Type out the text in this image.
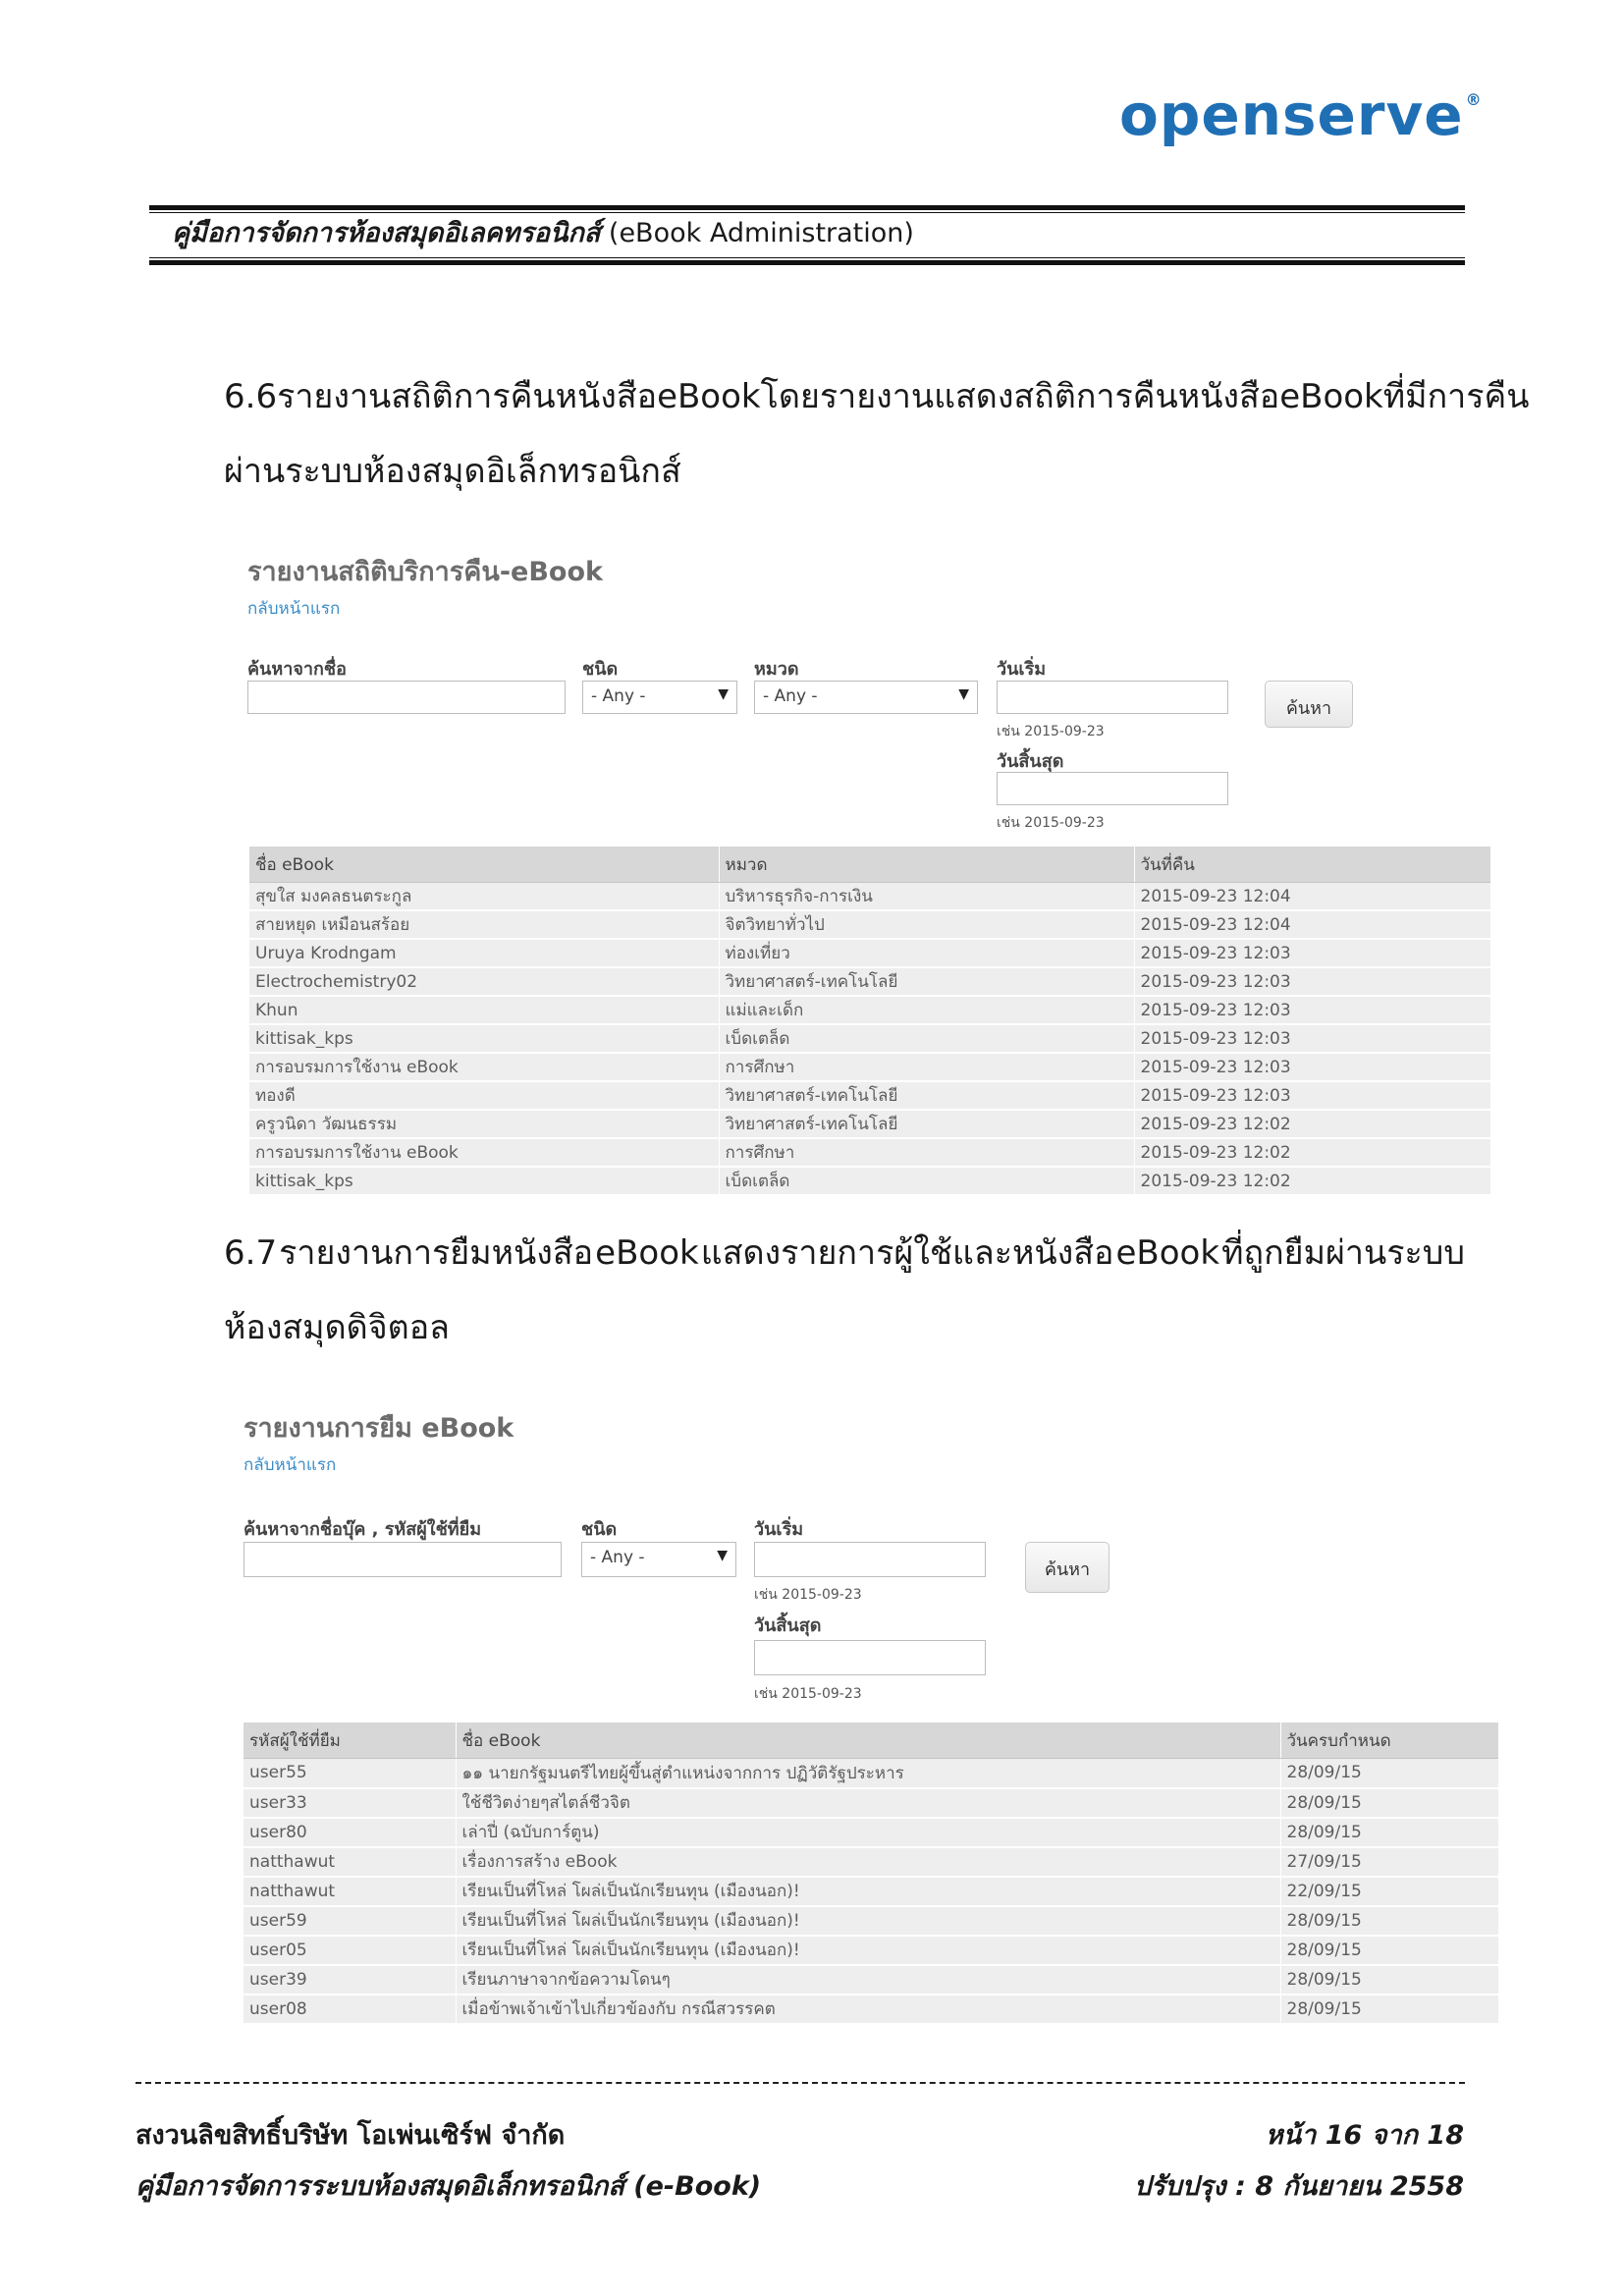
openserve ®
คู่มือการจัดการห้องสมุดอิเลคทรอนิกส์ (eBook Administration)
6.6 รายงานสถิติการคืนหนังสือ eBook โดยรายงานแสดงสถิติการคืนหนังสือ eBook ที่มีการคืน
ผ่านระบบห้องสมุดอิเล็กทรอนิกส์
รายงานสถิติบริการคืน-eBook
กลับหน้าแรก
ค้นหาจากชื่อ	ชนิด
- Any -	▼
หมวด
- Any -	▼
วันเริ่ม
เช่น 2015-09-23
วันสิ้นสุด
เช่น 2015-09-23
ค้นหา
ชื่อ eBook	หมวด	วันที่คืน
สุขใส มงคลธนตระกูล	บริหารธุรกิจ-การเงิน	2015-09-23 12:04
สายหยุด เหมือนสร้อย	จิตวิทยาทั่วไป	2015-09-23 12:04
Uruya Krodngam	ท่องเที่ยว	2015-09-23 12:03
Electrochemistry02	วิทยาศาสตร์-เทคโนโลยี	2015-09-23 12:03
Khun	แม่และเด็ก	2015-09-23 12:03
kittisak_kps	เบ็ดเตล็ด	2015-09-23 12:03
การอบรมการใช้งาน eBook	การศึกษา	2015-09-23 12:03
ทองดี	วิทยาศาสตร์-เทคโนโลยี	2015-09-23 12:03
ครูวนิดา วัฒนธรรม	วิทยาศาสตร์-เทคโนโลยี	2015-09-23 12:02
การอบรมการใช้งาน eBook	การศึกษา	2015-09-23 12:02
kittisak_kps	เบ็ดเตล็ด	2015-09-23 12:02
6.7 รายงานการยืมหนังสือ eBook แสดงรายการผู้ใช้และหนังสือ eBook ที่ถูกยืมผ่านระบบ
ห้องสมุดดิจิตอล
รายงานการยืม eBook
กลับหน้าแรก
ค้นหาจากชื่อบุ๊ค , รหัสผู้ใช้ที่ยืม	ชนิด
- Any -	▼
วันเริ่ม
เช่น 2015-09-23
วันสิ้นสุด
เช่น 2015-09-23
ค้นหา
รหัสผู้ใช้ที่ยืม	ชื่อ eBook	วันครบกำหนด
user55	๑๑ นายกรัฐมนตรีไทยผู้ขึ้นสู่ตำแหน่งจากการ ปฏิวัติรัฐประหาร	28/09/15
user33	ใช้ชีวิตง่ายๆสไตล์ชีวจิต	28/09/15
user80	เล่าปี่ (ฉบับการ์ตูน)	28/09/15
natthawut	เรื่องการสร้าง eBook	27/09/15
natthawut	เรียนเป็นที่โหล่ โผล่เป็นนักเรียนทุน (เมืองนอก)!	22/09/15
user59	เรียนเป็นที่โหล่ โผล่เป็นนักเรียนทุน (เมืองนอก)!	28/09/15
user05	เรียนเป็นที่โหล่ โผล่เป็นนักเรียนทุน (เมืองนอก)!	28/09/15
user39	เรียนภาษาจากข้อความโดนๆ	28/09/15
user08	เมื่อข้าพเจ้าเข้าไปเกี่ยวข้องกับ กรณีสวรรคต	28/09/15
สงวนลิขสิทธิ์บริษัท โอเพ่นเซิร์ฟ จำกัด	หน้า 16 จาก 18
คู่มือการจัดการระบบห้องสมุดอิเล็กทรอนิกส์ (e-Book)	ปรับปรุง : 8 กันยายน 2558
